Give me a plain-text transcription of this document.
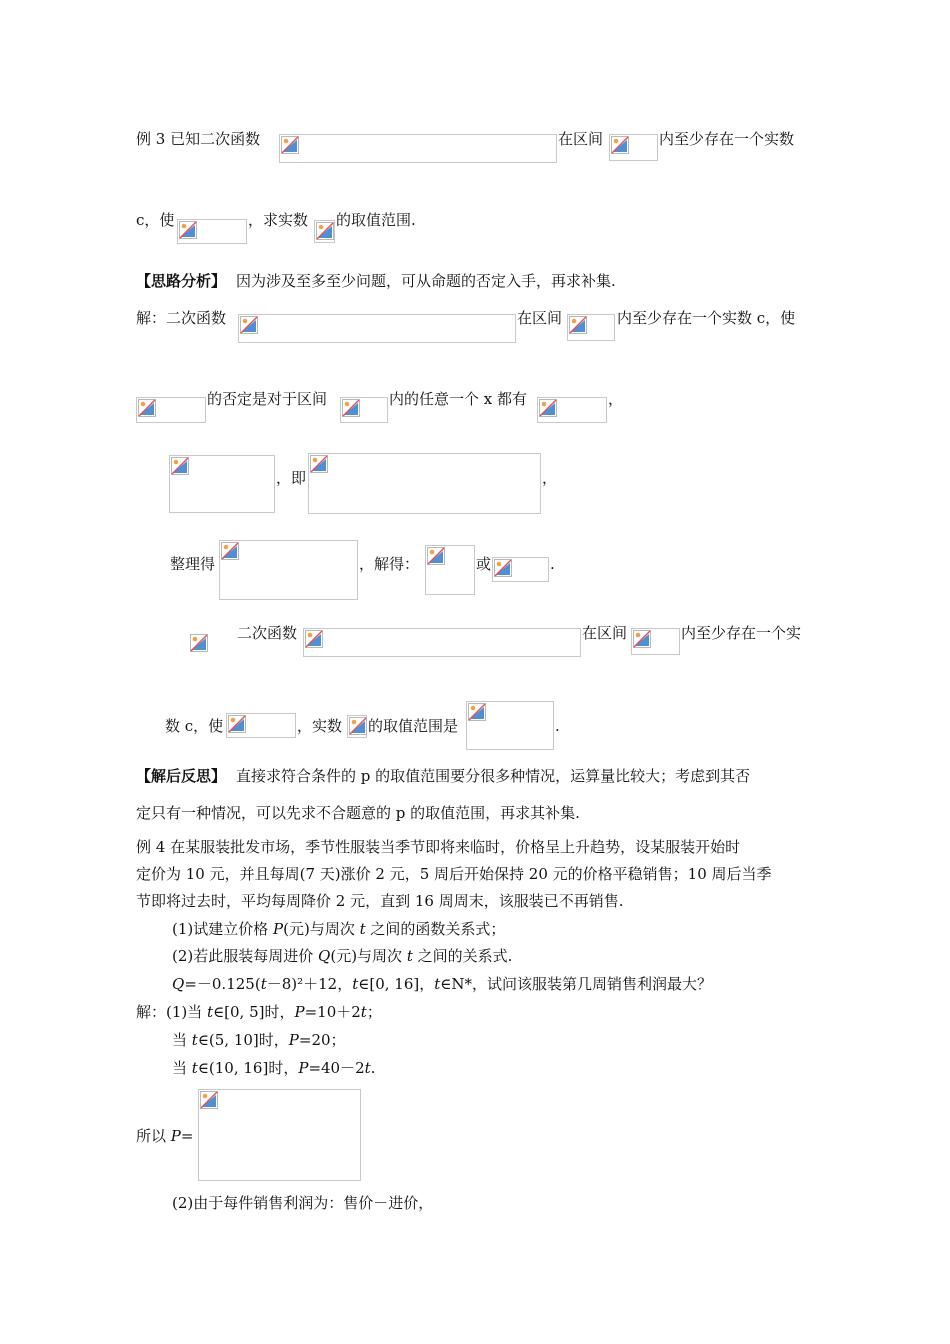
例 3 已知二次函数	在区间	内至少存在一个实数
c，使	，求实数 的取值范围.
【思路分析】 因为涉及至多至少问题，可从命题的否定入手，再求补集.
解：二次函数	在区间	内至少存在一个实数 c，使
的否定是对于区间	内的任意一个 x 都有	，
，即	，
整理得	，解得：	或	.
二次函数	在区间	内至少存在一个实
数 c，使	，实数 的取值范围是	.
【解后反思】 直接求符合条件的 p 的取值范围要分很多种情况，运算量比较大；考虑到其否
定只有一种情况，可以先求不合题意的 p 的取值范围，再求其补集.
例 4 在某服装批发市场，季节性服装当季节即将来临时，价格呈上升趋势，设某服装开始时
定价为 10 元，并且每周(7 天)涨价 2 元，5 周后开始保持 20 元的价格平稳销售；10 周后当季
节即将过去时，平均每周降价 2 元，直到 16 周周末，该服装已不再销售.
(1)试建立价格 P(元)与周次 t 之间的函数关系式；
(2)若此服装每周进价 Q(元)与周次 t 之间的关系式.
Q=－0.125(t－8)²＋12，t∈[0, 16]，t∈N*，试问该服装第几周销售利润最大？
解：(1)当 t∈[0, 5]时，P=10＋2t；
当 t∈(5, 10]时，P=20；
当 t∈(10, 16]时，P=40－2t.
所以 P=
(2)由于每件销售利润为：售价－进价，
